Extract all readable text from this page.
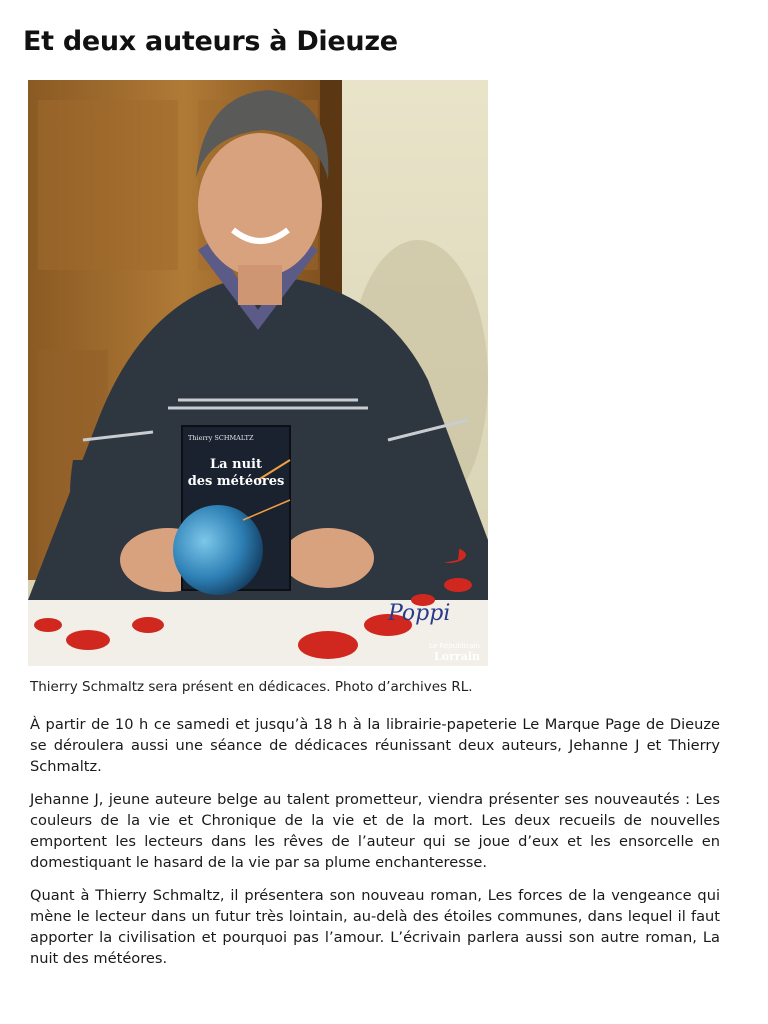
Et deux auteurs à Dieuze
Thierry SCHMALTZ
La nuit
des météores
Poppi
Le Républicain
Lorrain
Thierry Schmaltz sera présent en dédicaces. Photo d’archives RL.

À partir de 10 h ce samedi et jusqu’à 18 h à la librairie-papeterie Le Marque Page de Dieuze se déroulera aussi une séance de dédicaces réunissant deux auteurs, Jehanne J et Thierry Schmaltz.

Jehanne J, jeune auteure belge au talent prometteur, viendra présenter ses nouveautés : Les couleurs de la vie et Chronique de la vie et de la mort. Les deux recueils de nouvelles emportent les lecteurs dans les rêves de l’auteur qui se joue d’eux et les ensorcelle en domestiquant le hasard de la vie par sa plume enchanteresse.

Quant à Thierry Schmaltz, il présentera son nouveau roman, Les forces de la vengeance qui mène le lecteur dans un futur très lointain, au-delà des étoiles communes, dans lequel il faut apporter la civilisation et pourquoi pas l’amour. L’écrivain parlera aussi son autre roman, La nuit des météores.
